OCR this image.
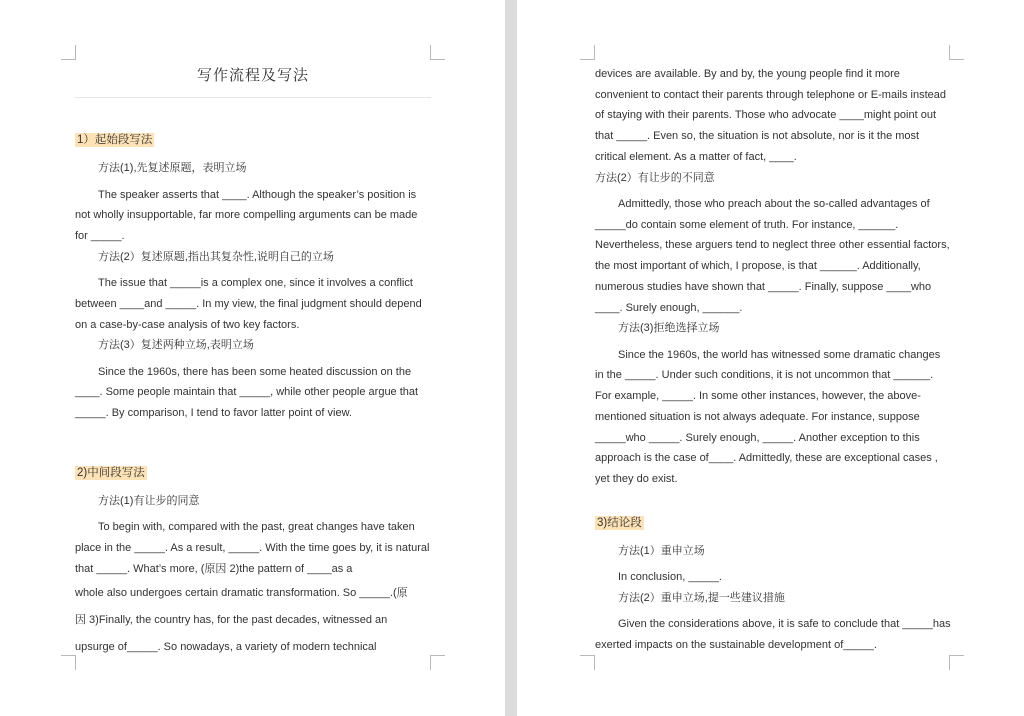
写作流程及写法
1）起始段写法

方法(1),先复述原题，表明立场

The speaker asserts that ____. Although the speaker’s position is not wholly insupportable, far more compelling arguments can be made for _____.

方法(2）复述原题,指出其复杂性,说明自己的立场

The issue that _____is a complex one, since it involves a conflict between ____and _____. In my view, the final judgment should depend on a case-by-case analysis of two key factors.

方法(3）复述两种立场,表明立场

Since the 1960s, there has been some heated discussion on the ____. Some people maintain that _____, while other people argue that _____. By comparison, I tend to favor latter point of view.

2)中间段写法

方法(1)有让步的同意

To begin with, compared with the past, great changes have taken place in the _____. As a result, _____. With the time goes by, it is natural that _____. What’s more, (原因 2)the pattern of ____as a

whole also undergoes certain dramatic transformation. So _____.(原

因 3)Finally, the country has, for the past decades, witnessed an

upsurge of_____. So nowadays, a variety of modern technical

devices are available. By and by, the young people find it more convenient to contact their parents through telephone or E-mails instead of staying with their parents. Those who advocate ____might point out that _____. Even so, the situation is not absolute, nor is it the most critical element. As a matter of fact, ____.

方法(2）有让步的不同意

Admittedly, those who preach about the so-called advantages of _____do contain some element of truth. For instance, ______. Nevertheless, these arguers tend to neglect three other essential factors, the most important of which, I propose, is that ______. Additionally, numerous studies have shown that _____. Finally, suppose ____who ____. Surely enough, ______.

方法(3)拒绝选择立场

Since the 1960s, the world has witnessed some dramatic changes in the _____. Under such conditions, it is not uncommon that ______. For example, _____. In some other instances, however, the above-mentioned situation is not always adequate. For instance, suppose _____who _____. Surely enough, _____. Another exception to this approach is the case of____. Admittedly, these are exceptional cases , yet they do exist.

3)结论段

方法(1）重申立场

In conclusion, _____.

方法(2）重申立场,提一些建议措施

Given the considerations above, it is safe to conclude that _____has exerted impacts on the sustainable development of_____.
